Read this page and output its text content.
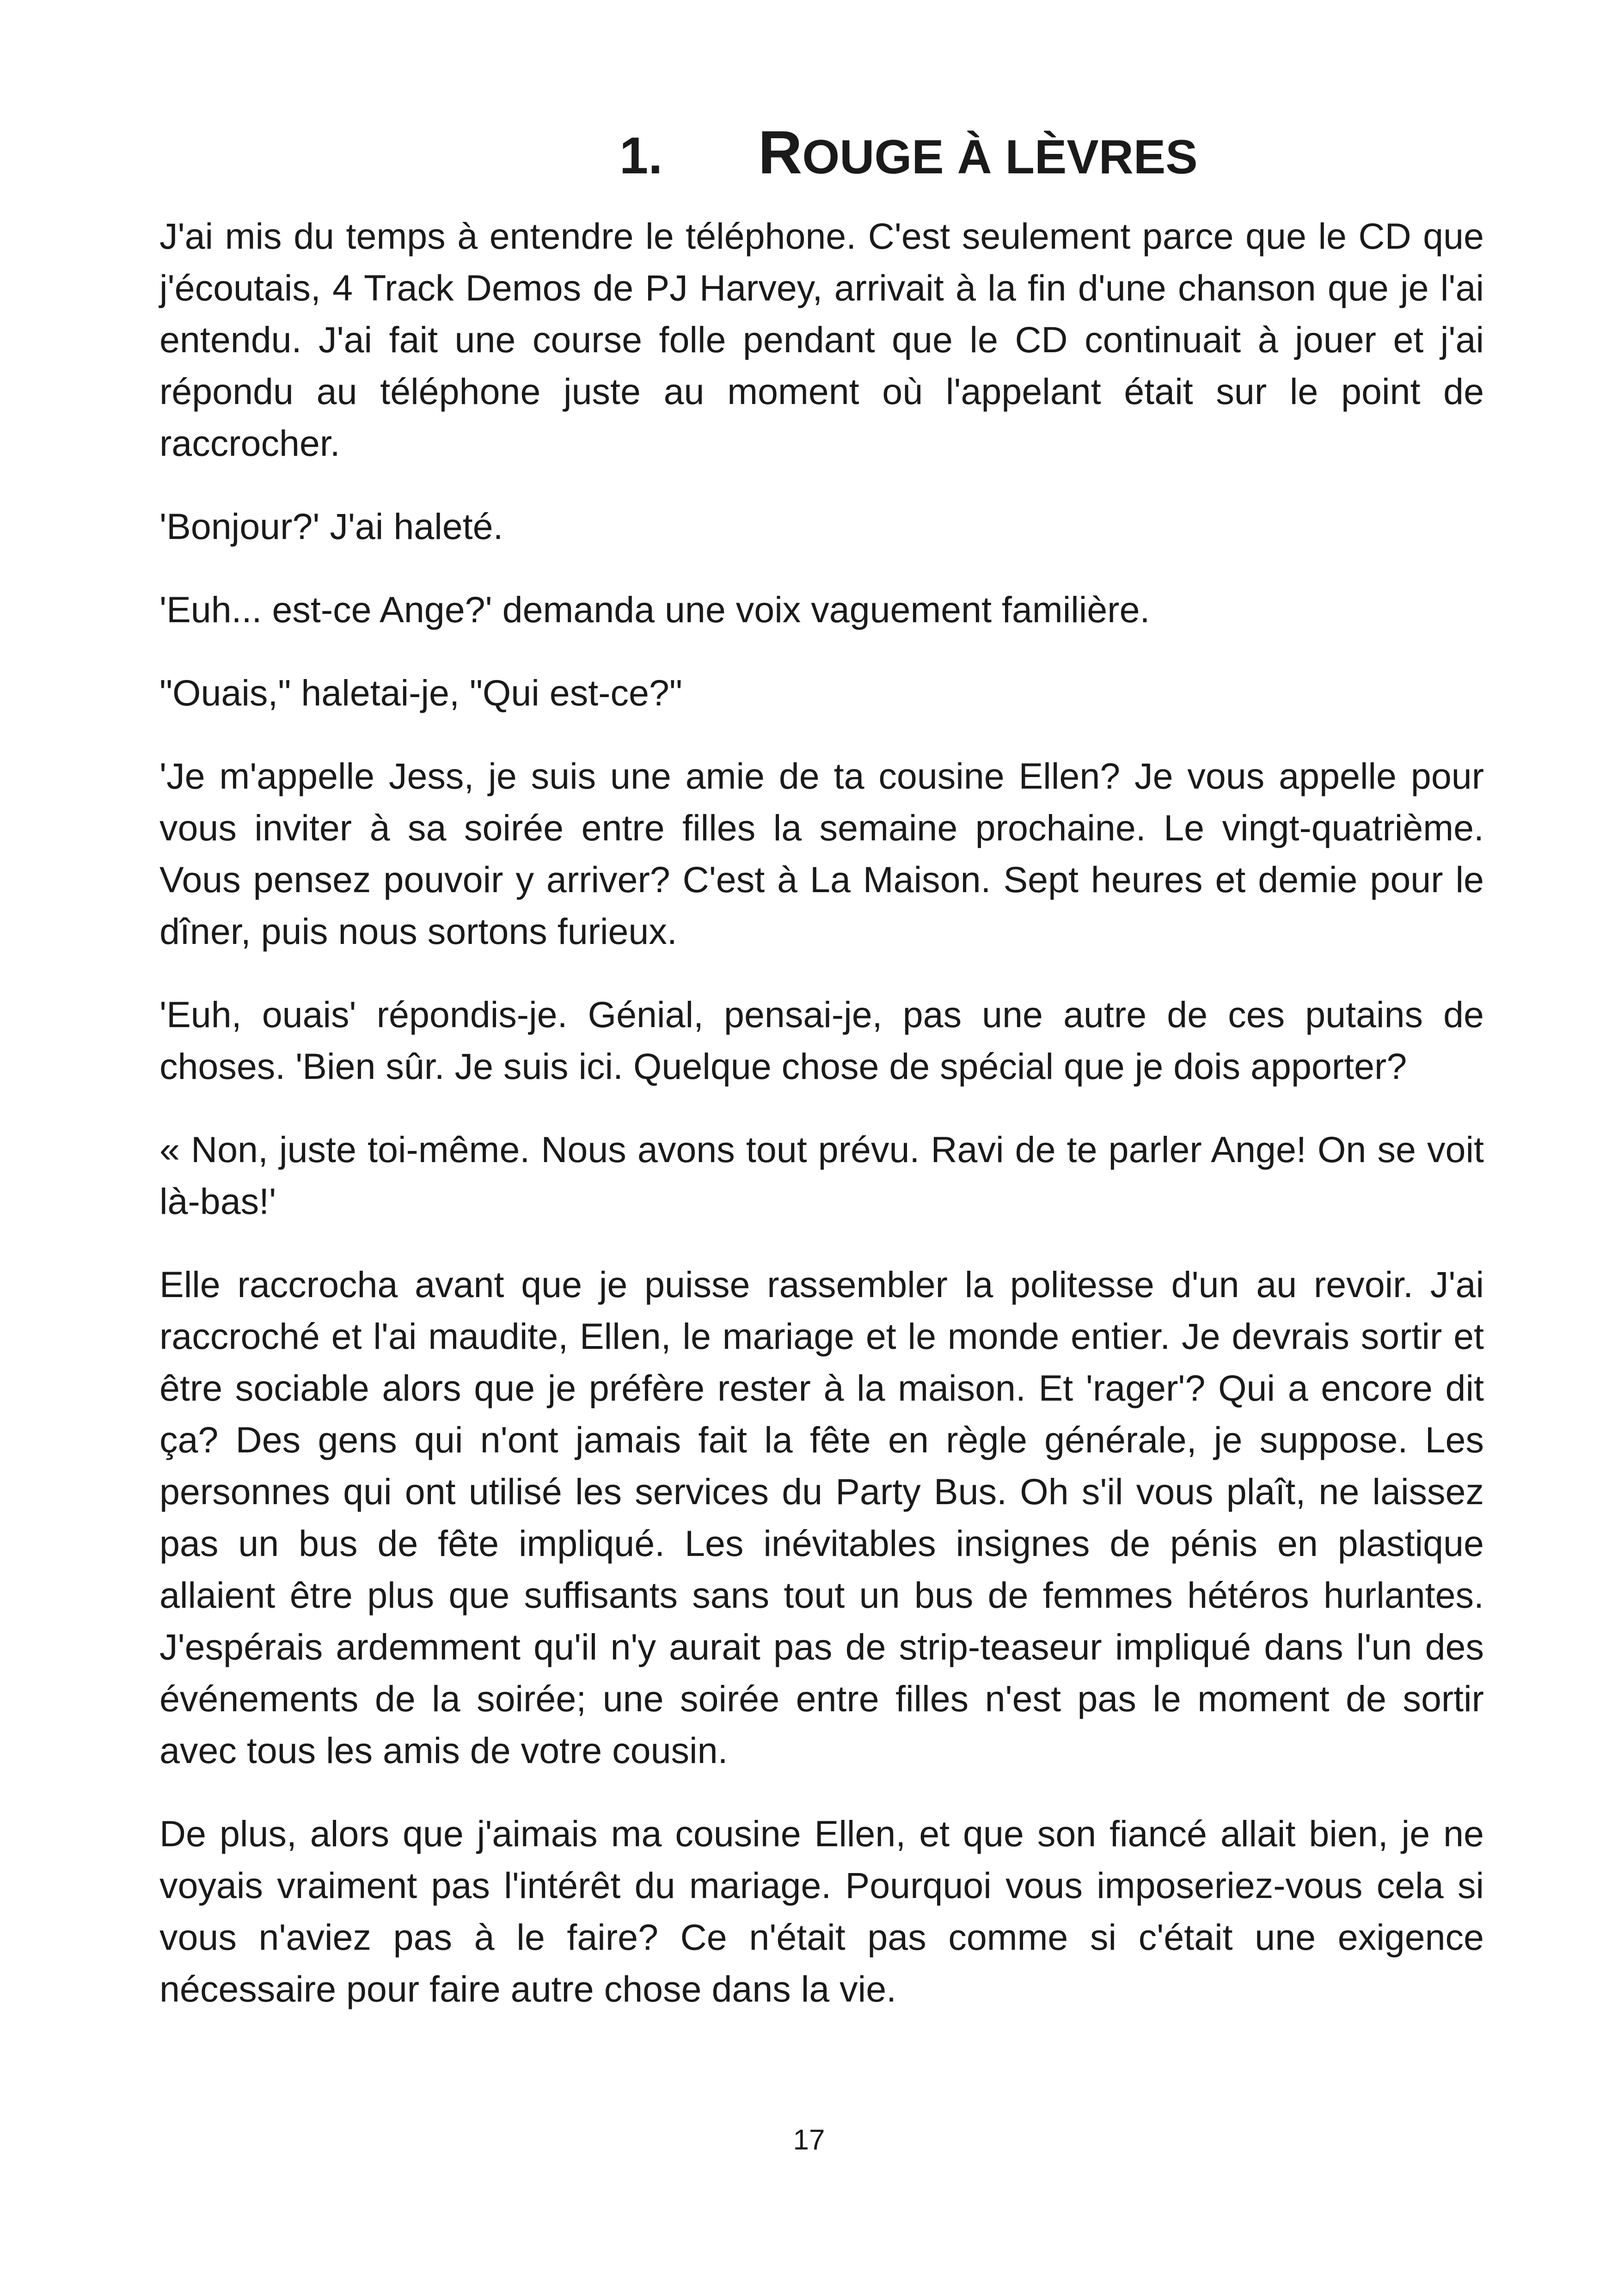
1. ROUGE À LÈVRES

J'ai mis du temps à entendre le téléphone. C'est seulement parce que le CD que j'écoutais, 4 Track Demos de PJ Harvey, arrivait à la fin d'une chanson que je l'ai entendu. J'ai fait une course folle pendant que le CD continuait à jouer et j'ai répondu au téléphone juste au moment où l'appelant était sur le point de raccrocher.

'Bonjour?' J'ai haleté.

'Euh... est-ce Ange?' demanda une voix vaguement familière.

"Ouais," haletai-je, "Qui est-ce?"

'Je m'appelle Jess, je suis une amie de ta cousine Ellen? Je vous appelle pour vous inviter à sa soirée entre filles la semaine prochaine. Le vingt-quatrième. Vous pensez pouvoir y arriver? C'est à La Maison. Sept heures et demie pour le dîner, puis nous sortons furieux.

'Euh, ouais' répondis-je. Génial, pensai-je, pas une autre de ces putains de choses. 'Bien sûr. Je suis ici. Quelque chose de spécial que je dois apporter?

« Non, juste toi-même. Nous avons tout prévu. Ravi de te parler Ange! On se voit là-bas!'

Elle raccrocha avant que je puisse rassembler la politesse d'un au revoir. J'ai raccroché et l'ai maudite, Ellen, le mariage et le monde entier. Je devrais sortir et être sociable alors que je préfère rester à la maison. Et 'rager'? Qui a encore dit ça? Des gens qui n'ont jamais fait la fête en règle générale, je suppose. Les personnes qui ont utilisé les services du Party Bus. Oh s'il vous plaît, ne laissez pas un bus de fête impliqué. Les inévitables insignes de pénis en plastique allaient être plus que suffisants sans tout un bus de femmes hétéros hurlantes. J'espérais ardemment qu'il n'y aurait pas de strip-teaseur impliqué dans l'un des événements de la soirée; une soirée entre filles n'est pas le moment de sortir avec tous les amis de votre cousin.

De plus, alors que j'aimais ma cousine Ellen, et que son fiancé allait bien, je ne voyais vraiment pas l'intérêt du mariage. Pourquoi vous imposeriez-vous cela si vous n'aviez pas à le faire? Ce n'était pas comme si c'était une exigence nécessaire pour faire autre chose dans la vie.

17
